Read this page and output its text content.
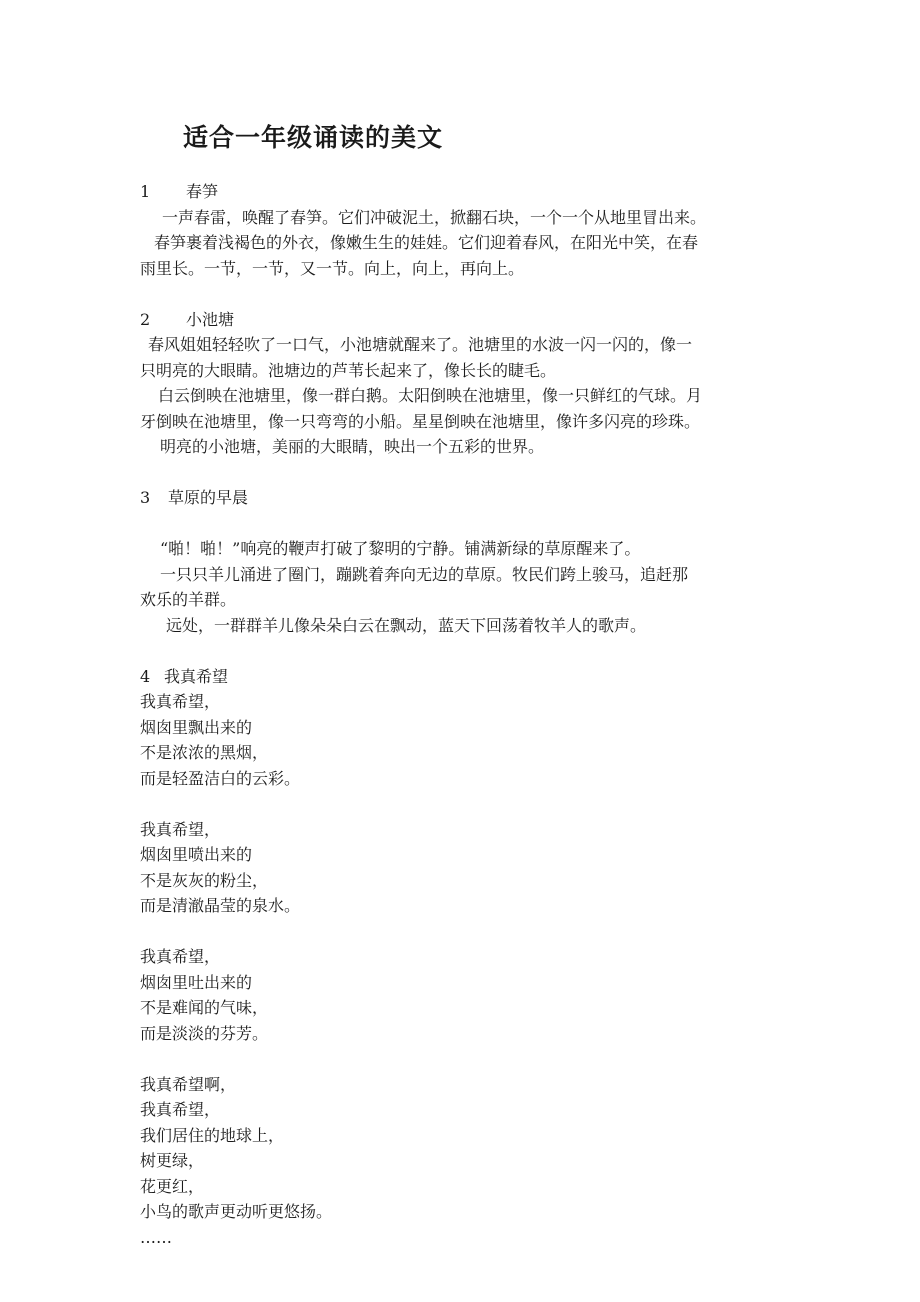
适合一年级诵读的美文
1 春笋
一声春雷，唤醒了春笋。它们冲破泥土，掀翻石块，一个一个从地里冒出来。
春笋裹着浅褐色的外衣，像嫩生生的娃娃。它们迎着春风，在阳光中笑，在春
雨里长。一节，一节，又一节。向上，向上，再向上。
2 小池塘
春风姐姐轻轻吹了一口气，小池塘就醒来了。池塘里的水波一闪一闪的，像一
只明亮的大眼睛。池塘边的芦苇长起来了，像长长的睫毛。
白云倒映在池塘里，像一群白鹅。太阳倒映在池塘里，像一只鲜红的气球。月
牙倒映在池塘里，像一只弯弯的小船。星星倒映在池塘里，像许多闪亮的珍珠。
明亮的小池塘，美丽的大眼睛，映出一个五彩的世界。
3 草原的早晨
“啪！啪！”响亮的鞭声打破了黎明的宁静。铺满新绿的草原醒来了。
一只只羊儿涌进了圈门，蹦跳着奔向无边的草原。牧民们跨上骏马，追赶那
欢乐的羊群。
远处，一群群羊儿像朵朵白云在飘动，蓝天下回荡着牧羊人的歌声。
4 我真希望
我真希望，
烟囱里飘出来的
不是浓浓的黑烟，
而是轻盈洁白的云彩。
我真希望，
烟囱里喷出来的
不是灰灰的粉尘，
而是清澈晶莹的泉水。
我真希望，
烟囱里吐出来的
不是难闻的气味，
而是淡淡的芬芳。
我真希望啊，
我真希望，
我们居住的地球上，
树更绿，
花更红，
小鸟的歌声更动听更悠扬。
……
